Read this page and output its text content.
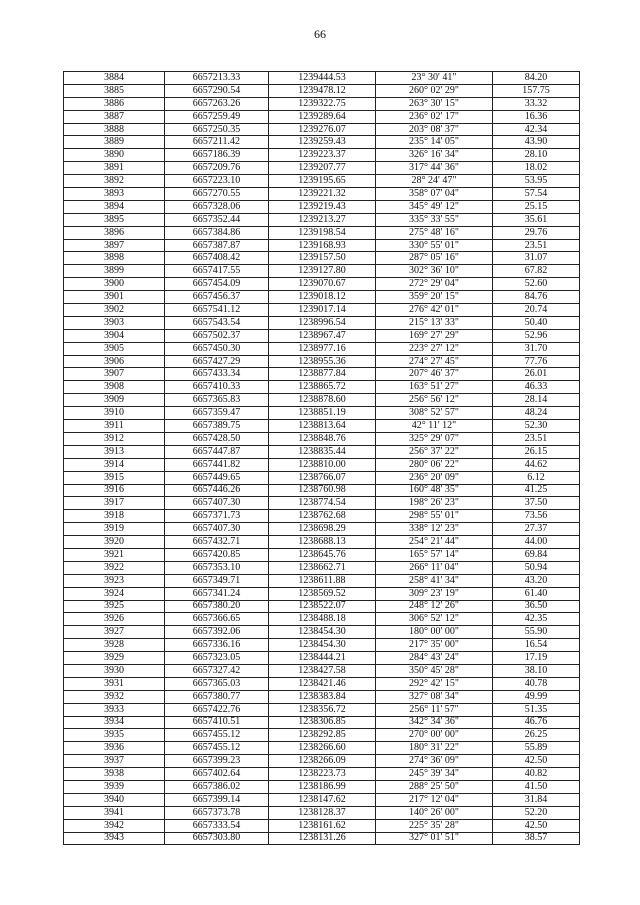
66
3884	6657213.33	1239444.53	23° 30' 41"	84.20
3885	6657290.54	1239478.12	260° 02' 29"	157.75
3886	6657263.26	1239322.75	263° 30' 15"	33.32
3887	6657259.49	1239289.64	236° 02' 17"	16.36
3888	6657250.35	1239276.07	203° 08' 37"	42.34
3889	6657211.42	1239259.43	235° 14' 05"	43.90
3890	6657186.39	1239223.37	326° 16' 34"	28.10
3891	6657209.76	1239207.77	317° 44' 36"	18.02
3892	6657223.10	1239195.65	28° 24' 47"	53.95
3893	6657270.55	1239221.32	358° 07' 04"	57.54
3894	6657328.06	1239219.43	345° 49' 12"	25.15
3895	6657352.44	1239213.27	335° 33' 55"	35.61
3896	6657384.86	1239198.54	275° 48' 16"	29.76
3897	6657387.87	1239168.93	330° 55' 01"	23.51
3898	6657408.42	1239157.50	287° 05' 16"	31.07
3899	6657417.55	1239127.80	302° 36' 10"	67.82
3900	6657454.09	1239070.67	272° 29' 04"	52.60
3901	6657456.37	1239018.12	359° 20' 15"	84.76
3902	6657541.12	1239017.14	276° 42' 01"	20.74
3903	6657543.54	1238996.54	215° 13' 33"	50.40
3904	6657502.37	1238967.47	169° 27' 29"	52.96
3905	6657450.30	1238977.16	223° 27' 12"	31.70
3906	6657427.29	1238955.36	274° 27' 45"	77.76
3907	6657433.34	1238877.84	207° 46' 37"	26.01
3908	6657410.33	1238865.72	163° 51' 27"	46.33
3909	6657365.83	1238878.60	256° 56' 12"	28.14
3910	6657359.47	1238851.19	308° 52' 57"	48.24
3911	6657389.75	1238813.64	42° 11' 12"	52.30
3912	6657428.50	1238848.76	325° 29' 07"	23.51
3913	6657447.87	1238835.44	256° 37' 22"	26.15
3914	6657441.82	1238810.00	280° 06' 22"	44.62
3915	6657449.65	1238766.07	236° 20' 09"	6.12
3916	6657446.26	1238760.98	160° 48' 35"	41.25
3917	6657407.30	1238774.54	198° 26' 23"	37.50
3918	6657371.73	1238762.68	298° 55' 01"	73.56
3919	6657407.30	1238698.29	338° 12' 23"	27.37
3920	6657432.71	1238688.13	254° 21' 44"	44.00
3921	6657420.85	1238645.76	165° 57' 14"	69.84
3922	6657353.10	1238662.71	266° 11' 04"	50.94
3923	6657349.71	1238611.88	258° 41' 34"	43.20
3924	6657341.24	1238569.52	309° 23' 19"	61.40
3925	6657380.20	1238522.07	248° 12' 26"	36.50
3926	6657366.65	1238488.18	306° 52' 12"	42.35
3927	6657392.06	1238454.30	180° 00' 00"	55.90
3928	6657336.16	1238454.30	217° 35' 00"	16.54
3929	6657323.05	1238444.21	284° 43' 24"	17.19
3930	6657327.42	1238427.58	350° 45' 28"	38.10
3931	6657365.03	1238421.46	292° 42' 15"	40.78
3932	6657380.77	1238383.84	327° 08' 34"	49.99
3933	6657422.76	1238356.72	256° 11' 57"	51.35
3934	6657410.51	1238306.85	342° 34' 36"	46.76
3935	6657455.12	1238292.85	270° 00' 00"	26.25
3936	6657455.12	1238266.60	180° 31' 22"	55.89
3937	6657399.23	1238266.09	274° 36' 09"	42.50
3938	6657402.64	1238223.73	245° 39' 34"	40.82
3939	6657386.02	1238186.99	288° 25' 50"	41.50
3940	6657399.14	1238147.62	217° 12' 04"	31.84
3941	6657373.78	1238128.37	140° 26' 00"	52.20
3942	6657333.54	1238161.62	225° 35' 28"	42.50
3943	6657303.80	1238131.26	327° 01' 51"	38.57
